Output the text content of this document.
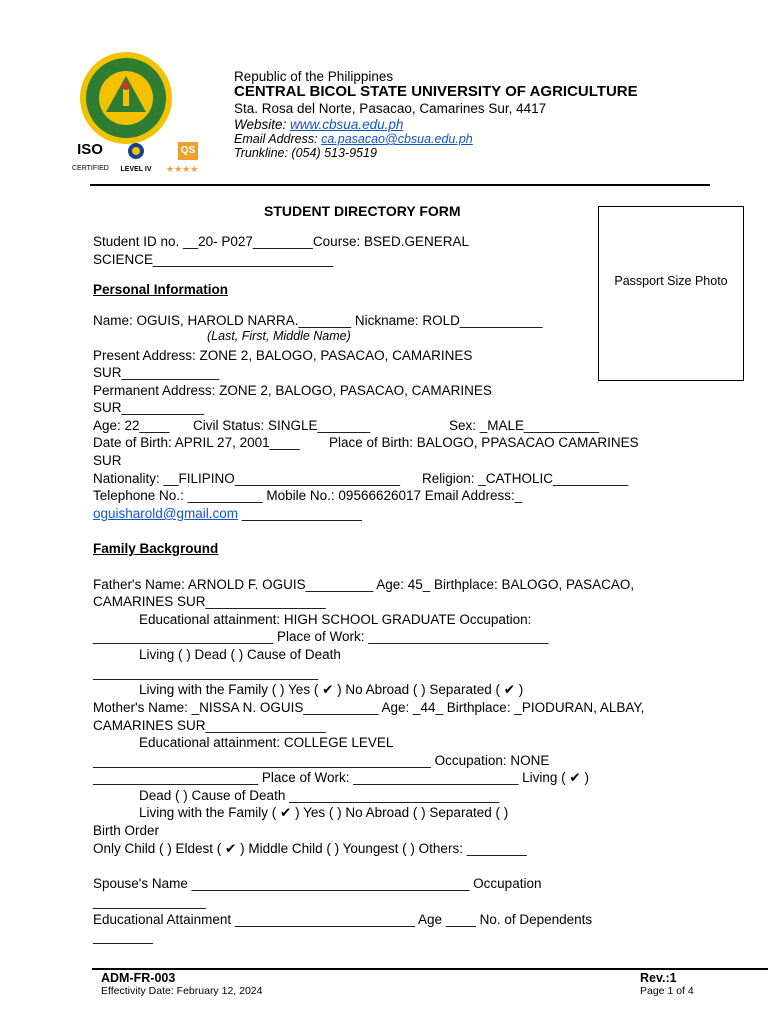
ISO
CERTIFIED	LEVEL IV
QS
★★★★
Republic of the Philippines
CENTRAL BICOL STATE UNIVERSITY OF AGRICULTURE
Sta. Rosa del Norte, Pasacao, Camarines Sur, 4417
Website: www.cbsua.edu.ph
Email Address: ca.pasacao@cbsua.edu.ph
Trunkline: (054) 513-9519
STUDENT DIRECTORY FORM
Passport Size Photo
Student ID no. __20- P027________Course: BSED.GENERAL
SCIENCE________________________
Personal Information
Name: OGUIS, HAROLD NARRA._______ Nickname: ROLD___________
(Last, First, Middle Name)
Present Address: ZONE 2, BALOGO, PASACAO, CAMARINES
SUR_____________
Permanent Address: ZONE 2, BALOGO, PASACAO, CAMARINES
SUR___________
Age: 22____ Civil Status: SINGLE_______	Sex: _MALE__________
Date of Birth: APRIL 27, 2001____ Place of Birth: BALOGO, PPASACAO CAMARINES
SUR
Nationality: __FILIPINO______________________ Religion: _CATHOLIC__________
Telephone No.: __________ Mobile No.: 09566626017 Email Address:_
oguisharold@gmail.com ________________
Family Background
Father's Name: ARNOLD F. OGUIS_________ Age: 45_ Birthplace: BALOGO, PASACAO,
CAMARINES SUR________________
Educational attainment: HIGH SCHOOL GRADUATE Occupation:
________________________ Place of Work: ________________________
Living ( ) Dead ( ) Cause of Death
______________________________
Living with the Family ( ) Yes ( ✔ ) No Abroad ( ) Separated ( ✔ )
Mother's Name: _NISSA N. OGUIS__________ Age: _44_ Birthplace: _PIODURAN, ALBAY,
CAMARINES SUR________________
Educational attainment: COLLEGE LEVEL
_____________________________________________ Occupation: NONE
______________________ Place of Work: ______________________ Living ( ✔ )
Dead ( ) Cause of Death ____________________________
Living with the Family ( ✔ ) Yes ( ) No Abroad ( ) Separated ( )
Birth Order
Only Child ( ) Eldest ( ✔ ) Middle Child ( ) Youngest ( ) Others: ________
Spouse's Name _____________________________________ Occupation
_______________
Educational Attainment ________________________ Age ____ No. of Dependents
________
ADM-FR-003
Effectivity Date: February 12, 2024
Rev.:1
Page 1 of 4
